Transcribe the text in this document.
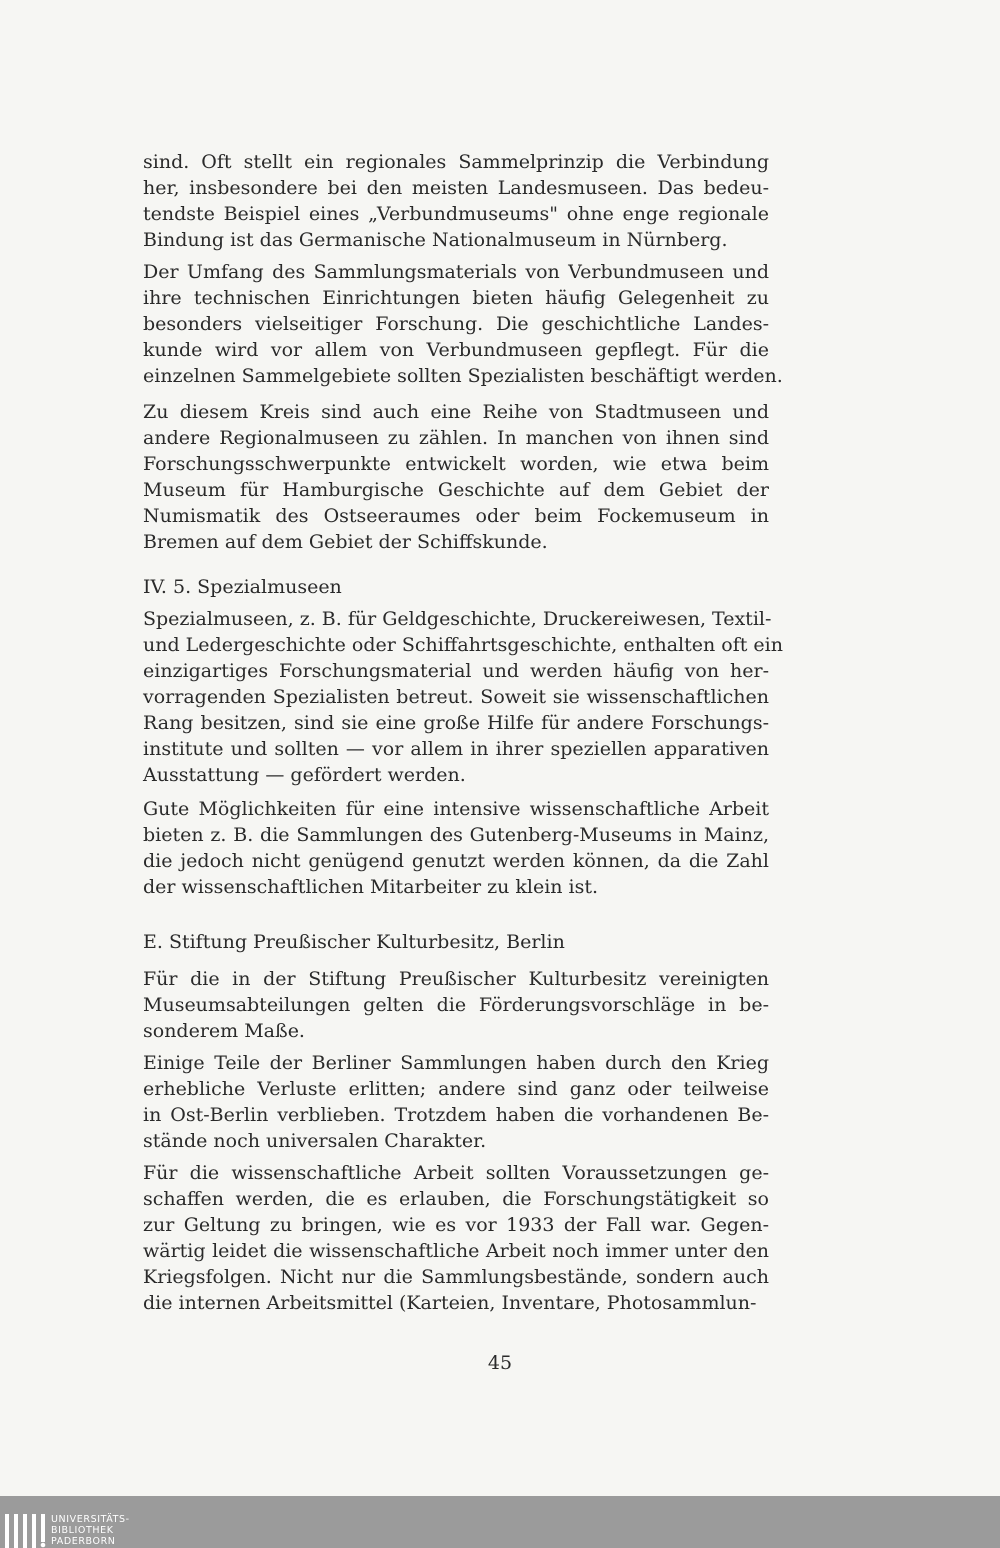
sind. Oft stellt ein regionales Sammelprinzip die Verbindung
her, insbesondere bei den meisten Landesmuseen. Das bedeu-
tendste Beispiel eines „Verbundmuseums" ohne enge regionale
Bindung ist das Germanische Nationalmuseum in Nürnberg.
Der Umfang des Sammlungsmaterials von Verbundmuseen und
ihre technischen Einrichtungen bieten häufig Gelegenheit zu
besonders vielseitiger Forschung. Die geschichtliche Landes-
kunde wird vor allem von Verbundmuseen gepflegt. Für die
einzelnen Sammelgebiete sollten Spezialisten beschäftigt werden.
Zu diesem Kreis sind auch eine Reihe von Stadtmuseen und
andere Regionalmuseen zu zählen. In manchen von ihnen sind
Forschungsschwerpunkte entwickelt worden, wie etwa beim
Museum für Hamburgische Geschichte auf dem Gebiet der
Numismatik des Ostseeraumes oder beim Fockemuseum in
Bremen auf dem Gebiet der Schiffskunde.
IV. 5. Spezialmuseen
Spezialmuseen, z. B. für Geldgeschichte, Druckereiwesen, Textil-
und Ledergeschichte oder Schiffahrtsgeschichte, enthalten oft ein
einzigartiges Forschungsmaterial und werden häufig von her-
vorragenden Spezialisten betreut. Soweit sie wissenschaftlichen
Rang besitzen, sind sie eine große Hilfe für andere Forschungs-
institute und sollten — vor allem in ihrer speziellen apparativen
Ausstattung — gefördert werden.
Gute Möglichkeiten für eine intensive wissenschaftliche Arbeit
bieten z. B. die Sammlungen des Gutenberg-Museums in Mainz,
die jedoch nicht genügend genutzt werden können, da die Zahl
der wissenschaftlichen Mitarbeiter zu klein ist.
E. Stiftung Preußischer Kulturbesitz, Berlin
Für die in der Stiftung Preußischer Kulturbesitz vereinigten
Museumsabteilungen gelten die Förderungsvorschläge in be-
sonderem Maße.
Einige Teile der Berliner Sammlungen haben durch den Krieg
erhebliche Verluste erlitten; andere sind ganz oder teilweise
in Ost-Berlin verblieben. Trotzdem haben die vorhandenen Be-
stände noch universalen Charakter.
Für die wissenschaftliche Arbeit sollten Voraussetzungen ge-
schaffen werden, die es erlauben, die Forschungstätigkeit so
zur Geltung zu bringen, wie es vor 1933 der Fall war. Gegen-
wärtig leidet die wissenschaftliche Arbeit noch immer unter den
Kriegsfolgen. Nicht nur die Sammlungsbestände, sondern auch
die internen Arbeitsmittel (Karteien, Inventare, Photosammlun-
45
UNIVERSITÄTS-
BIBLIOTHEK
PADERBORN
